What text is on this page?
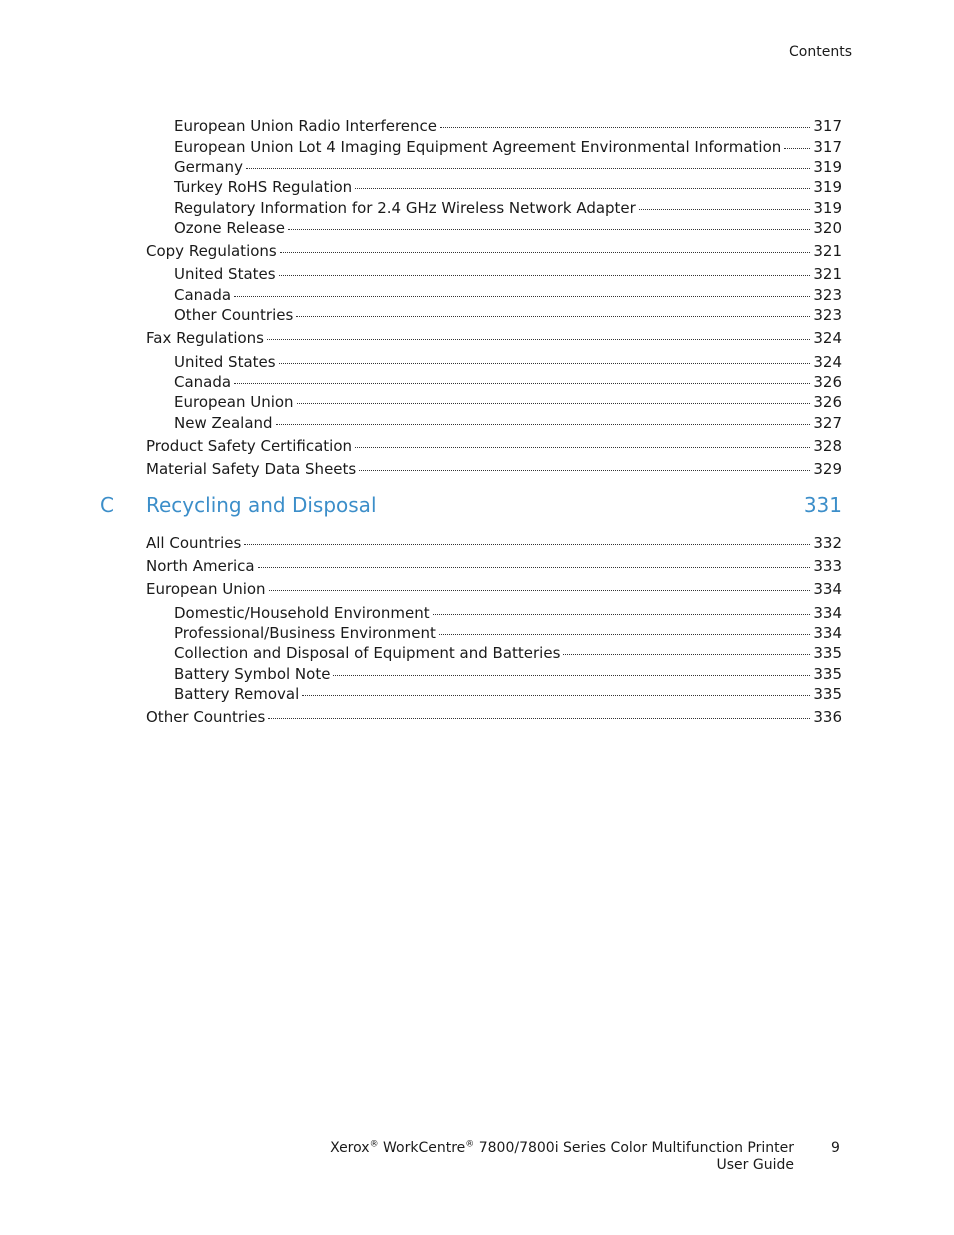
Contents
European Union Radio Interference	317
European Union Lot 4 Imaging Equipment Agreement Environmental Information 317
Germany	319
Turkey RoHS Regulation	319
Regulatory Information for 2.4 GHz Wireless Network Adapter	319
Ozone Release	320
Copy Regulations	321
United States	321
Canada	323
Other Countries	323
Fax Regulations	324
United States	324
Canada	326
European Union	326
New Zealand	327
Product Safety Certification	328
Material Safety Data Sheets	329
C Recycling and Disposal	331
All Countries	332
North America	333
European Union	334
Domestic/Household Environment	334
Professional/Business Environment	334
Collection and Disposal of Equipment and Batteries	335
Battery Symbol Note	335
Battery Removal	335
Other Countries	336
Xerox® WorkCentre® 7800/7800i Series Color Multifunction Printer
User Guide
9
